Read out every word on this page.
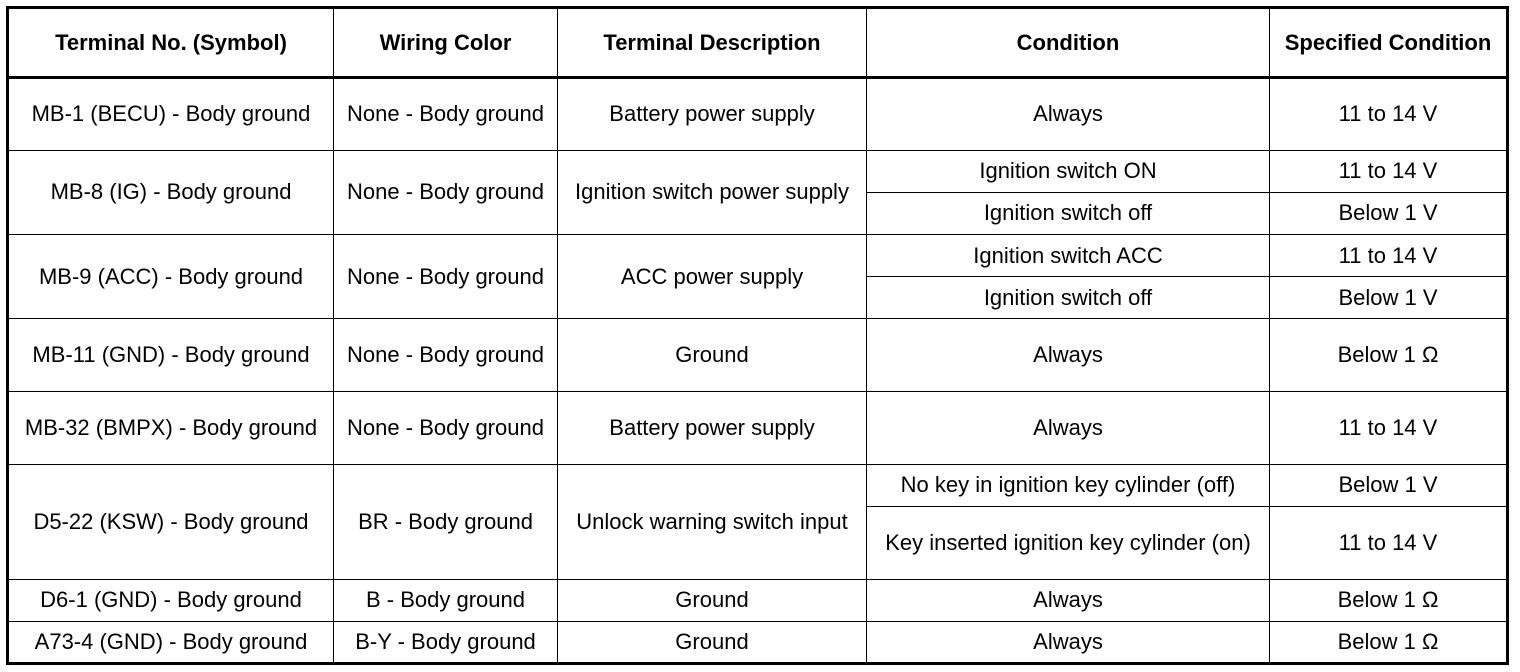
Terminal No. (Symbol)	Wiring Color	Terminal Description	Condition	Specified Condition
MB-1 (BECU) - Body ground	None - Body ground	Battery power supply	Always	11 to 14 V
MB-8 (IG) - Body ground	None - Body ground	Ignition switch power supply	Ignition switch ON	11 to 14 V
			Ignition switch off	Below 1 V
MB-9 (ACC) - Body ground	None - Body ground	ACC power supply	Ignition switch ACC	11 to 14 V
			Ignition switch off	Below 1 V
MB-11 (GND) - Body ground	None - Body ground	Ground	Always	Below 1 Ω
MB-32 (BMPX) - Body ground	None - Body ground	Battery power supply	Always	11 to 14 V
D5-22 (KSW) - Body ground	BR - Body ground	Unlock warning switch input	No key in ignition key cylinder (off)	Below 1 V
			Key inserted ignition key cylinder (on)	11 to 14 V
D6-1 (GND) - Body ground	B - Body ground	Ground	Always	Below 1 Ω
A73-4 (GND) - Body ground	B-Y - Body ground	Ground	Always	Below 1 Ω
